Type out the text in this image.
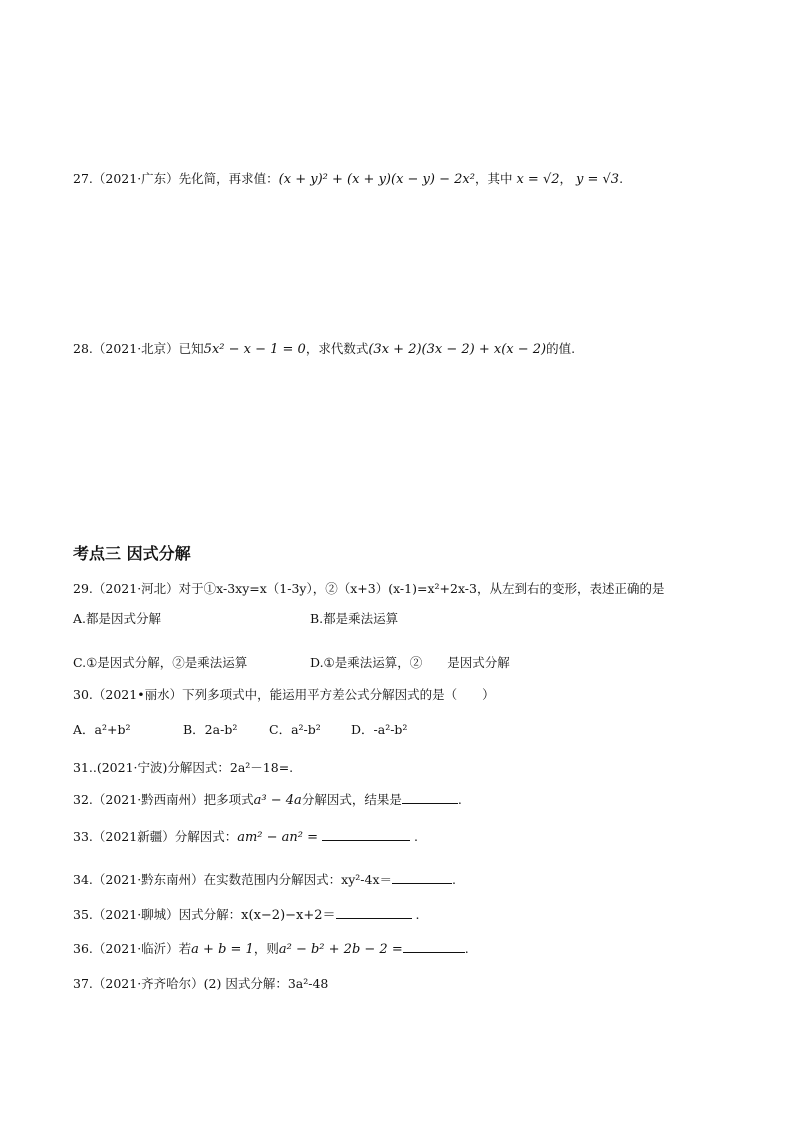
27.（2021·广东）先化简，再求值：(x + y)² + (x + y)(x − y) − 2x²，其中 x = √2， y = √3.
28.（2021·北京）已知5x² − x − 1 = 0，求代数式(3x + 2)(3x − 2) + x(x − 2)的值.
考点三 因式分解
29.（2021·河北）对于①x-3xy=x（1-3y），②（x+3）(x-1)=x²+2x-3，从左到右的变形，表述正确的是
A.都是因式分解	B.都是乘法运算
C.①是因式分解，②是乘法运算	D.①是乘法运算，②　　是因式分解
30.（2021•丽水）下列多项式中，能运用平方差公式分解因式的是（　　）
A．a²+b²	B．2a-b²	C．a²-b² D．-a²-b²
31..(2021·宁波)分解因式：2a²－18=.
32.（2021·黔西南州）把多项式a³ − 4a分解因式，结果是	.
33.（2021新疆）分解因式：am² − an² =	.
34.（2021·黔东南州）在实数范围内分解因式：xy²-4x＝	.
35.（2021·聊城）因式分解：x(x−2)−x+2＝	.
36.（2021·临沂）若a + b = 1，则a² − b² + 2b − 2 =	.
37.（2021·齐齐哈尔）(2) 因式分解：3a²-48
